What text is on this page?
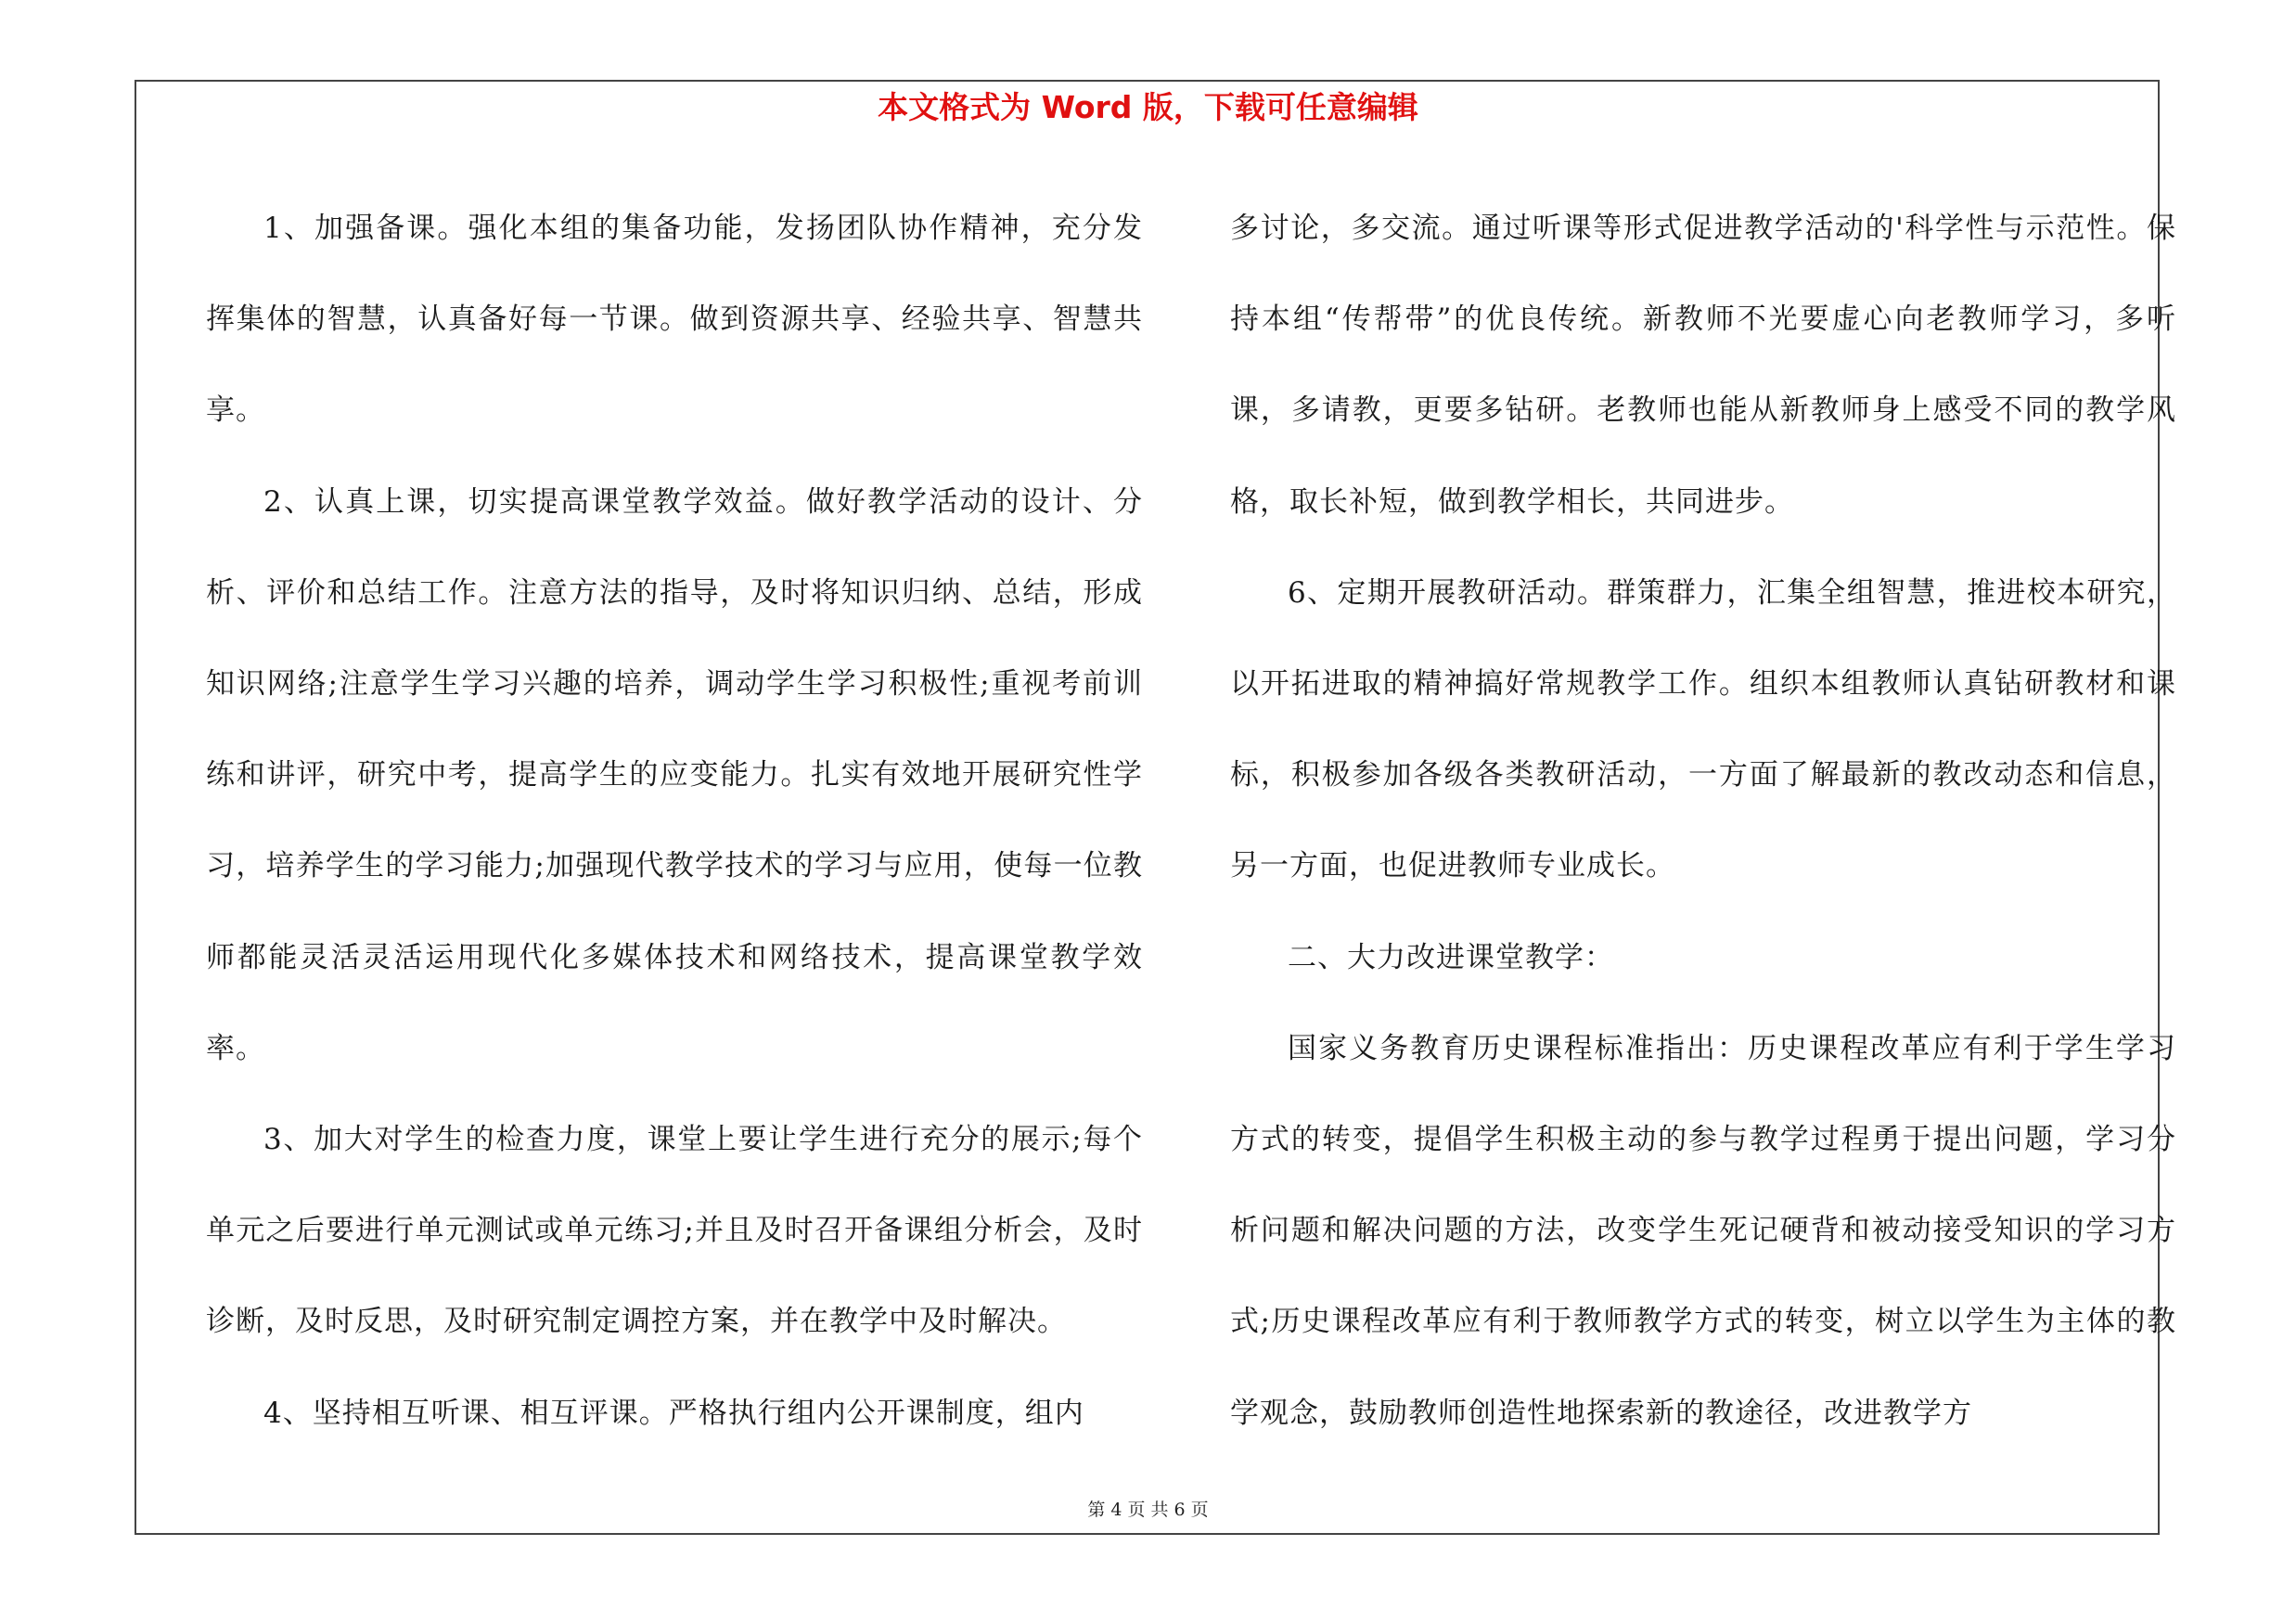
本文格式为 Word 版，下载可任意编辑

1、加强备课。强化本组的集备功能，发扬团队协作精神，充分发挥集体的智慧，认真备好每一节课。做到资源共享、经验共享、智慧共享。

2、认真上课，切实提高课堂教学效益。做好教学活动的设计、分析、评价和总结工作。注意方法的指导，及时将知识归纳、总结，形成知识网络;注意学生学习兴趣的培养，调动学生学习积极性;重视考前训练和讲评，研究中考，提高学生的应变能力。扎实有效地开展研究性学习，培养学生的学习能力;加强现代教学技术的学习与应用，使每一位教师都能灵活灵活运用现代化多媒体技术和网络技术，提高课堂教学效率。

3、加大对学生的检查力度，课堂上要让学生进行充分的展示;每个单元之后要进行单元测试或单元练习;并且及时召开备课组分析会，及时诊断，及时反思，及时研究制定调控方案，并在教学中及时解决。

4、坚持相互听课、相互评课。严格执行组内公开课制度，组内

多讨论，多交流。通过听课等形式促进教学活动的'科学性与示范性。保持本组“传帮带”的优良传统。新教师不光要虚心向老教师学习，多听课，多请教，更要多钻研。老教师也能从新教师身上感受不同的教学风格，取长补短，做到教学相长，共同进步。

6、定期开展教研活动。群策群力，汇集全组智慧，推进校本研究，以开拓进取的精神搞好常规教学工作。组织本组教师认真钻研教材和课标，积极参加各级各类教研活动，一方面了解最新的教改动态和信息，另一方面，也促进教师专业成长。

二、大力改进课堂教学：

国家义务教育历史课程标准指出：历史课程改革应有利于学生学习方式的转变，提倡学生积极主动的参与教学过程勇于提出问题，学习分析问题和解决问题的方法，改变学生死记硬背和被动接受知识的学习方式;历史课程改革应有利于教师教学方式的转变，树立以学生为主体的教学观念，鼓励教师创造性地探索新的教途径，改进教学方

第 4 页 共 6 页
